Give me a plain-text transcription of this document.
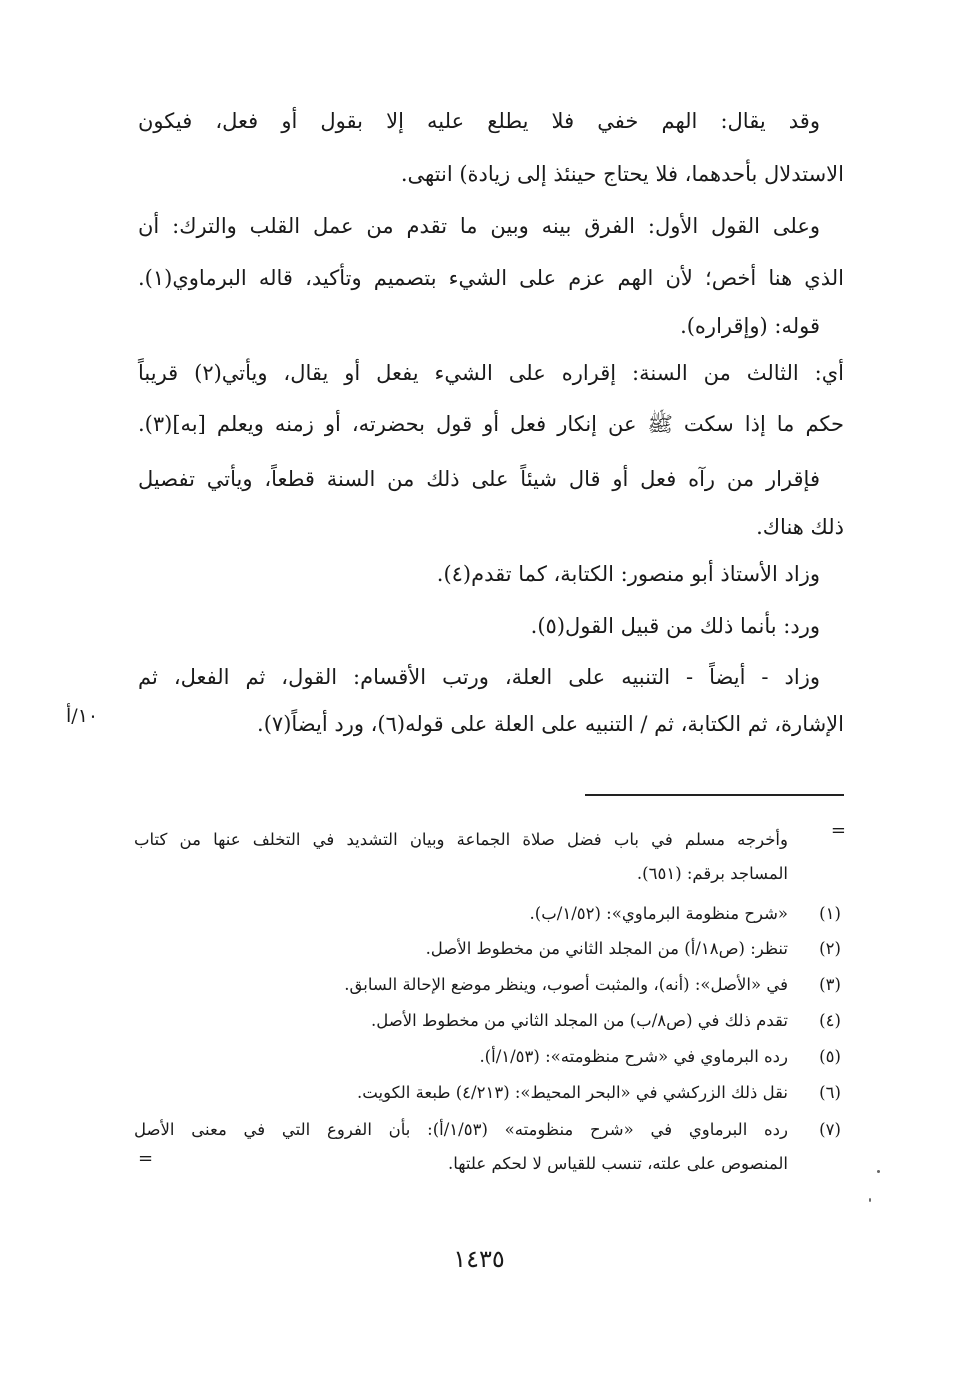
وقد يقال: الهم خفي فلا يطلع عليه إلا بقول أو فعل، فيكون
الاستدلال بأحدهما، فلا يحتاج حينئذ إلى زيادة) انتهى.
وعلى القول الأول: الفرق بينه وبين ما تقدم من عمل القلب والترك: أن
الذي هنا أخص؛ لأن الهم عزم على الشيء بتصميم وتأكيد، قاله البرماوي(١).
قوله: (وإقراره).
أي: الثالث من السنة: إقراره على الشيء يفعل أو يقال، ويأتي(٢) قريباً
حكم ما إذا سكت ﷺ عن إنكار فعل أو قول بحضرته، أو زمنه ويعلم [به](٣).
فإقرار من رآه فعل أو قال شيئاً على ذلك من السنة قطعاً، ويأتي تفصيل
ذلك هناك.
وزاد الأستاذ أبو منصور: الكتابة، كما تقدم(٤).
ورد: بأنما ذلك من قبيل القول(٥).
وزاد - أيضاً - التنبيه على العلة، ورتب الأقسام: القول، ثم الفعل، ثم
الإشارة، ثم الكتابة، ثم / التنبيه على العلة على قوله(٦)، ورد أيضاً(٧).
١٠/أ
=
وأخرجه مسلم في باب فضل صلاة الجماعة وبيان التشديد في التخلف عنها من كتاب
المساجد برقم: (٦٥١).
(١)
«شرح منظومة البرماوي»: (١/٥٢/ب).
(٢)
تنظر: (ص١٨/أ) من المجلد الثاني من مخطوط الأصل.
(٣)
في «الأصل»: (أنه)، والمثبت أصوب، وينظر موضع الإحالة السابق.
(٤)
تقدم ذلك في (ص٨/ب) من المجلد الثاني من مخطوط الأصل.
(٥)
رده البرماوي في «شرح منظومته»: (١/٥٣/أ).
(٦)
نقل ذلك الزركشي في «البحر المحيط»: (٤/٢١٣) طبعة الكويت.
(٧)
رده البرماوي في «شرح منظومته» (١/٥٣/أ): بأن الفروع التي في معنى الأصل
المنصوص على علته، تنسب للقياس لا لحكم علتها.
=
١٤٣٥
